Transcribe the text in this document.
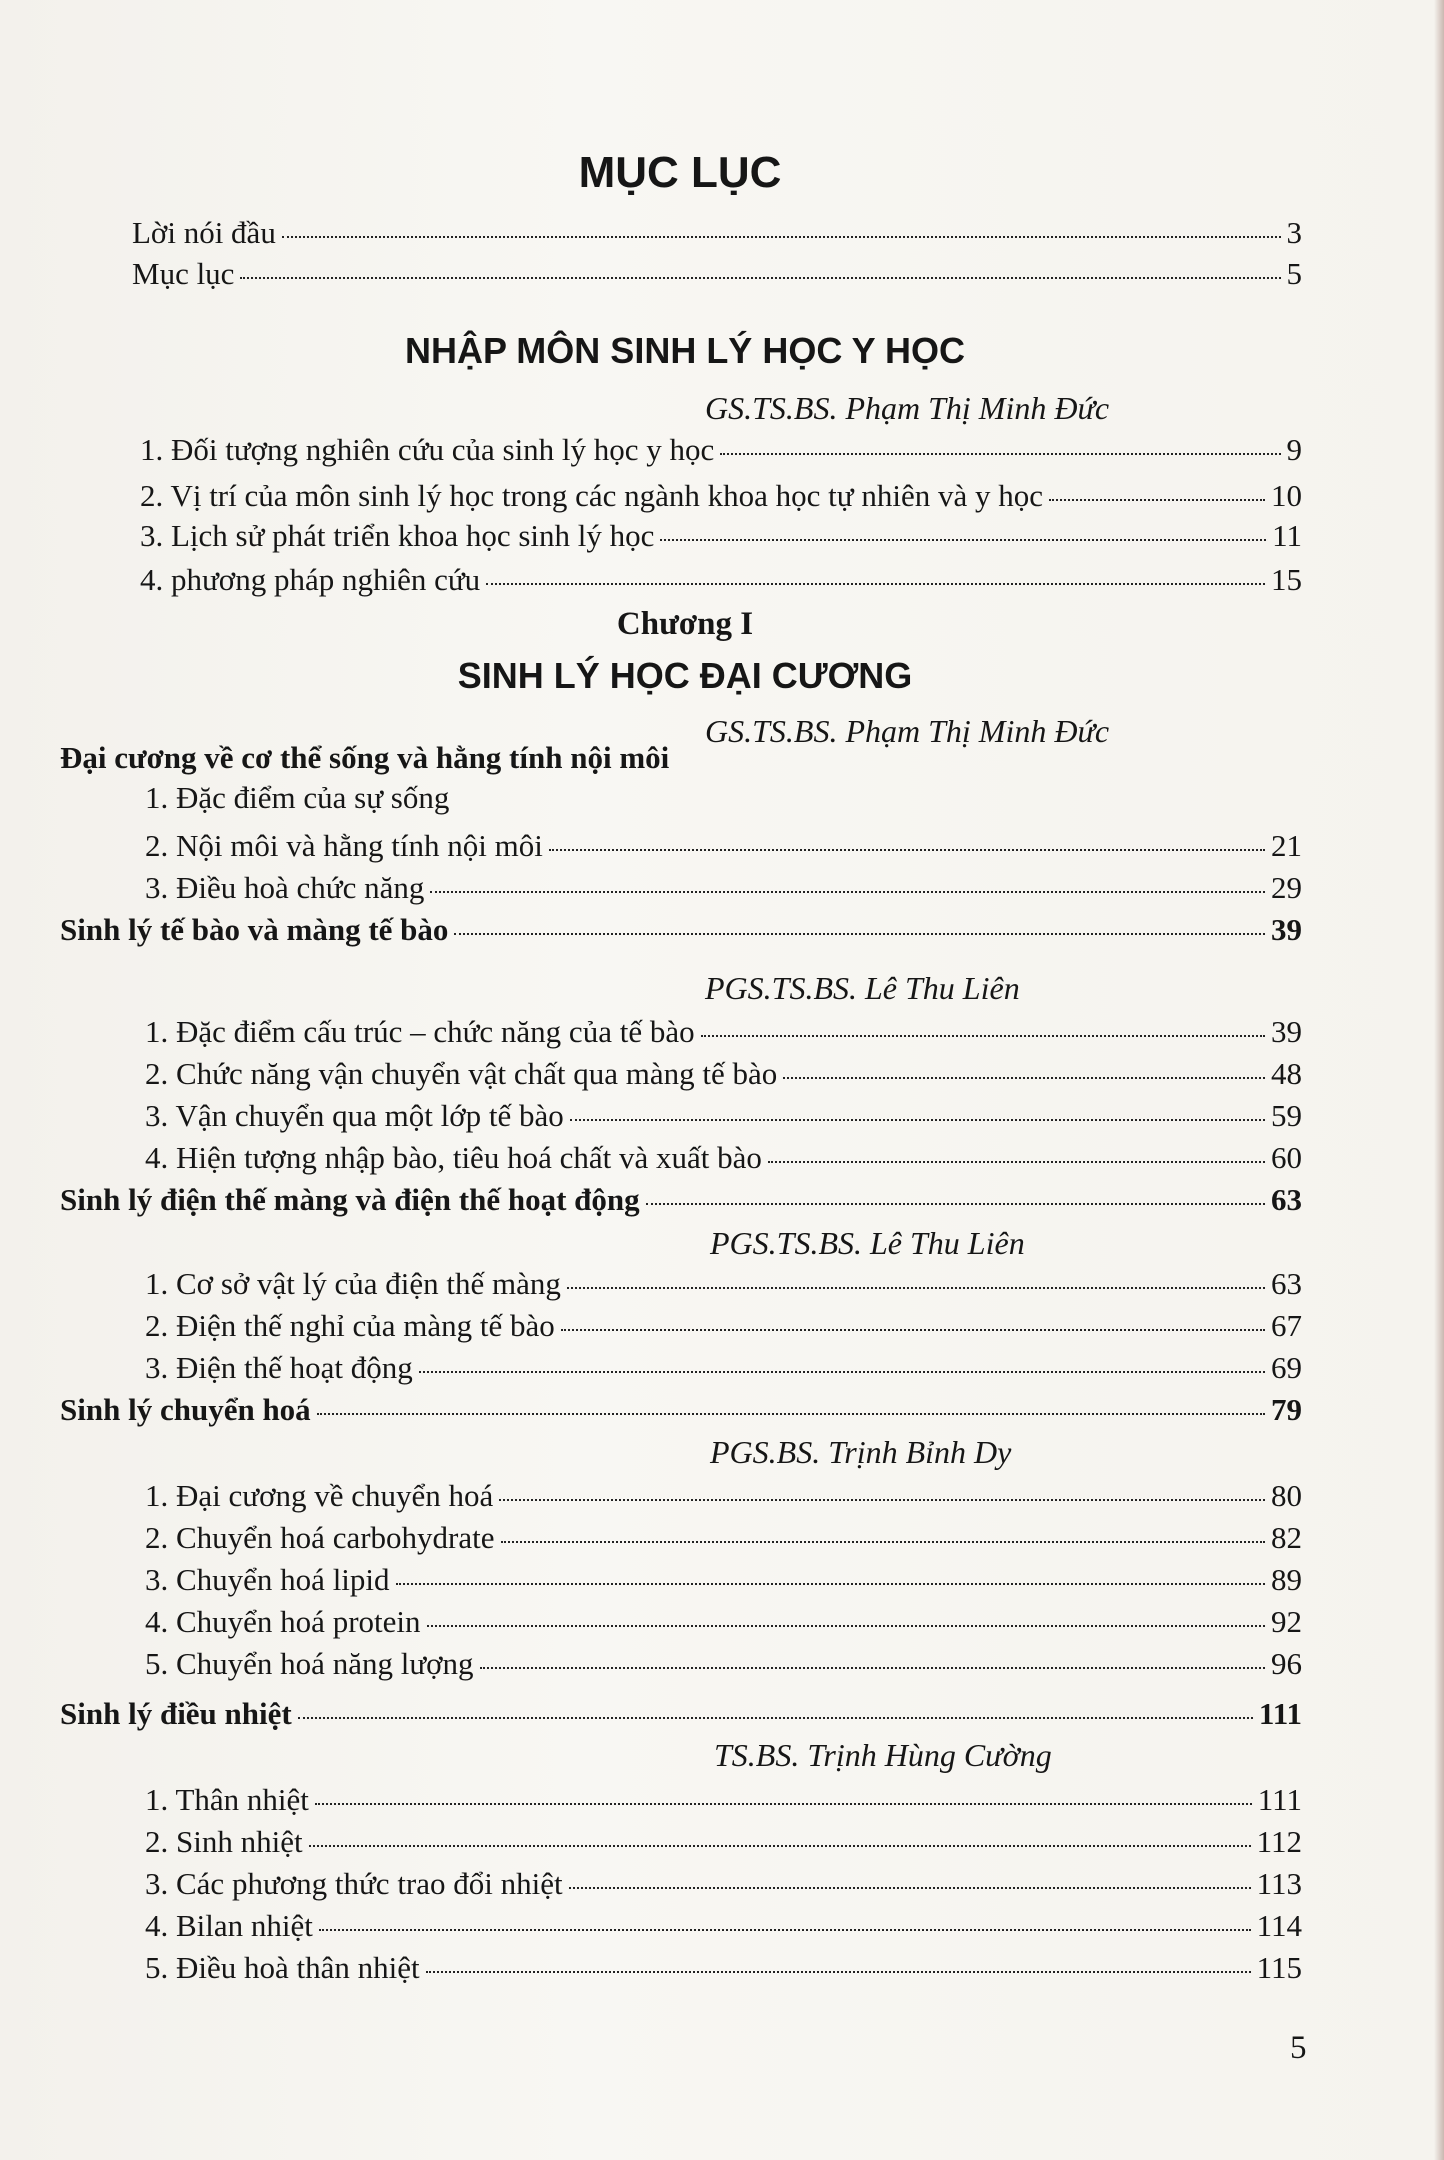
MỤC LỤC
Lời nói đầu	3
Mục lục	5
NHẬP MÔN SINH LÝ HỌC Y HỌC
GS.TS.BS. Phạm Thị Minh Đức
1. Đối tượng nghiên cứu của sinh lý học y học	9
2. Vị trí của môn sinh lý học trong các ngành khoa học tự nhiên và y học	10
3. Lịch sử phát triển khoa học sinh lý học	11
4. phương pháp nghiên cứu	15
Chương I
SINH LÝ HỌC ĐẠI CƯƠNG
GS.TS.BS. Phạm Thị Minh Đức
Đại cương về cơ thể sống và hằng tính nội môi
1. Đặc điểm của sự sống
2. Nội môi và hằng tính nội môi	21
3. Điều hoà chức năng	29
Sinh lý tế bào và màng tế bào	39
PGS.TS.BS. Lê Thu Liên
1. Đặc điểm cấu trúc – chức năng của tế bào	39
2. Chức năng vận chuyển vật chất qua màng tế bào	48
3. Vận chuyển qua một lớp tế bào	59
4. Hiện tượng nhập bào, tiêu hoá chất và xuất bào	60
Sinh lý điện thế màng và điện thế hoạt động	63
PGS.TS.BS. Lê Thu Liên
1. Cơ sở vật lý của điện thế màng	63
2. Điện thế nghỉ của màng tế bào	67
3. Điện thế hoạt động	69
Sinh lý chuyển hoá	79
PGS.BS. Trịnh Bỉnh Dy
1. Đại cương về chuyển hoá	80
2. Chuyển hoá carbohydrate	82
3. Chuyển hoá lipid	89
4. Chuyển hoá protein	92
5. Chuyển hoá năng lượng	96
Sinh lý điều nhiệt	111
TS.BS. Trịnh Hùng Cường
1. Thân nhiệt	111
2. Sinh nhiệt	112
3. Các phương thức trao đổi nhiệt	113
4. Bilan nhiệt	114
5. Điều hoà thân nhiệt	115
5
